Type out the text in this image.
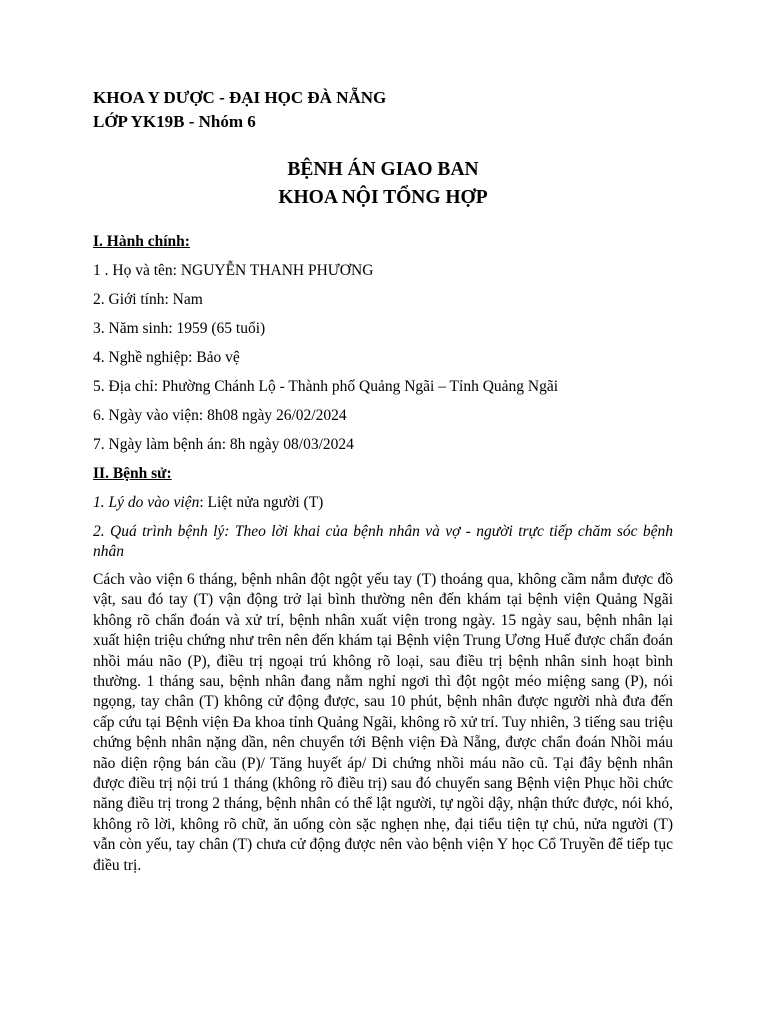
KHOA Y DƯỢC - ĐẠI HỌC ĐÀ NẴNG

LỚP YK19B - Nhóm 6

BỆNH ÁN GIAO BAN

KHOA NỘI TỔNG HỢP

I. Hành chính:

1 . Họ và tên: NGUYỄN THANH PHƯƠNG

2. Giới tính: Nam

3. Năm sinh: 1959 (65 tuổi)

4. Nghề nghiệp: Bảo vệ

5. Địa chỉ: Phường Chánh Lộ - Thành phố Quảng Ngãi – Tỉnh Quảng Ngãi

6. Ngày vào viện: 8h08 ngày 26/02/2024

7. Ngày làm bệnh án: 8h ngày 08/03/2024

II. Bệnh sử:

1. Lý do vào viện: Liệt nửa người (T)

2. Quá trình bệnh lý: Theo lời khai của bệnh nhân và vợ - người trực tiếp chăm sóc bệnh nhân

Cách vào viện 6 tháng, bệnh nhân đột ngột yếu tay (T) thoáng qua, không cầm nắm được đồ vật, sau đó tay (T) vận động trở lại bình thường nên đến khám tại bệnh viện Quảng Ngãi không rõ chẩn đoán và xử trí, bệnh nhân xuất viện trong ngày. 15 ngày sau, bệnh nhân lại xuất hiện triệu chứng như trên nên đến khám tại Bệnh viện Trung Ương Huế được chẩn đoán nhồi máu não (P), điều trị ngoại trú không rõ loại, sau điều trị bệnh nhân sinh hoạt bình thường. 1 tháng sau, bệnh nhân đang nằm nghỉ ngơi thì đột ngột méo miệng sang (P), nói ngọng, tay chân (T) không cử động được, sau 10 phút, bệnh nhân được người nhà đưa đến cấp cứu tại Bệnh viện Đa khoa tỉnh Quảng Ngãi, không rõ xử trí. Tuy nhiên, 3 tiếng sau triệu chứng bệnh nhân nặng dần, nên chuyển tới Bệnh viện Đà Nẵng, được chẩn đoán Nhồi máu não diện rộng bán cầu (P)/ Tăng huyết áp/ Di chứng nhồi máu não cũ. Tại đây bệnh nhân được điều trị nội trú 1 tháng (không rõ điều trị) sau đó chuyển sang Bệnh viện Phục hồi chức năng điều trị trong 2 tháng, bệnh nhân có thể lật người, tự ngồi dậy, nhận thức được, nói khó, không rõ lời, không rõ chữ, ăn uống còn sặc nghẹn nhẹ, đại tiểu tiện tự chủ, nửa người (T) vẫn còn yếu, tay chân (T) chưa cử động được nên vào bệnh viện Y học Cổ Truyền để tiếp tục điều trị.
